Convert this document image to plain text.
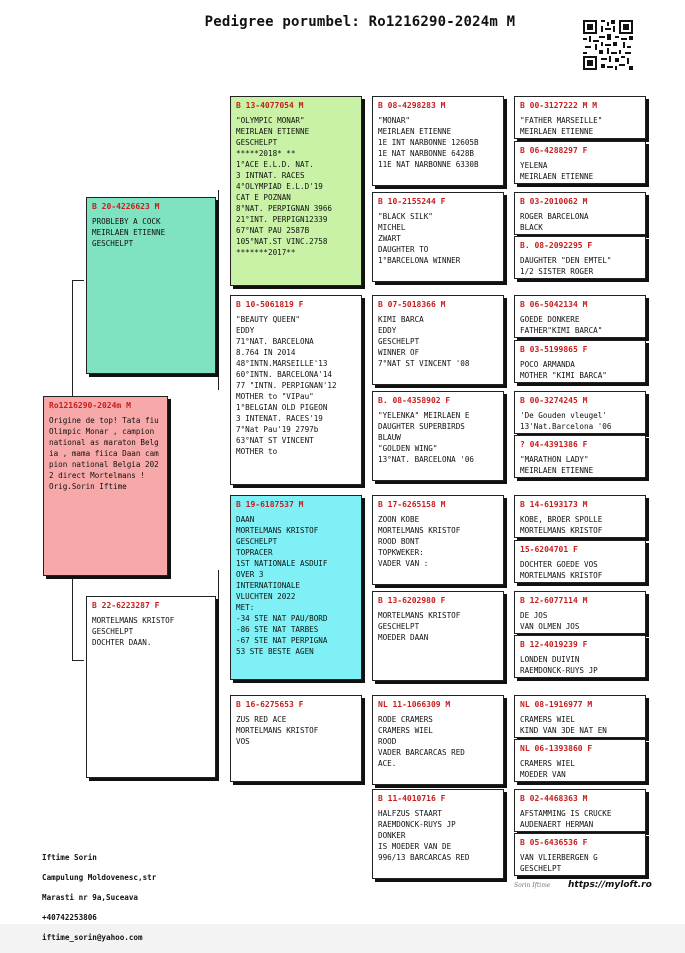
Pedigree porumbel: Ro1216290-2024m M
Ro1216290-2024m M
Origine de top! Tata fiu Olimpic Monar , campion national as maraton Belg ia , mama fiica Daan cam pion national Belgia 202 2 direct Mortelmans ! Orig.Sorin Iftime
B 20-4226623 M
PROBLEBY A COCK
MEIRLAEN ETIENNE
GESCHELPT
B 22-6223287 F
MORTELMANS KRISTOF
GESCHELPT
DOCHTER DAAN.
B 13-4077054 M
"OLYMPIC MONAR"
MEIRLAEN ETIENNE
GESCHELPT
*****2018* **
1°ACE E.L.D. NAT.
3 INTNAT. RACES
4°OLYMPIAD E.L.D'19
CAT E POZNAN
8°NAT. PERPIGNAN 3966
21°INT. PERPIGN12339
67°NAT PAU 2587B
105°NAT.ST VINC.2758
*******2017**
B 10-5061819 F
"BEAUTY QUEEN"
EDDY
71°NAT. BARCELONA
8.764 IN 2014
48°INTN.MARSEILLE'13
60°INTN. BARCELONA'14
77 "INTN. PERPIGNAN'12
MOTHER to "VIPau"
1°BELGIAN OLD PIGEON
3 INTENAT. RACES'19
7°Nat Pau'19 2797b
63°NAT ST VINCENT
MOTHER to
B 19-6187537 M
DAAN
MORTELMANS KRISTOF
GESCHELPT
TOPRACER
1ST NATIONALE ASDUIF
OVER 3
INTERNATIONALE
VLUCHTEN 2022
MET:
-34 STE NAT PAU/BORD
-86 STE NAT TARBES
-67 STE NAT PERPIGNA
53 STE BESTE AGEN
B 16-6275653 F
ZUS RED ACE
MORTELMANS KRISTOF
VOS
B 08-4298283 M
"MONAR"
MEIRLAEN ETIENNE
1E INT NARBONNE 12605B
1E NAT NARBONNE 6428B
11E NAT NARBONNE 6330B
B 10-2155244 F
"BLACK SILK"
MICHEL
ZWART
DAUGHTER TO
1°BARCELONA WINNER
B 07-5018366 M
KIMI BARCA
EDDY
GESCHELPT
WINNER OF
7°NAT ST VINCENT '08
B. 08-4358902 F
"YELENKA" MEIRLAEN E
DAUGHTER SUPERBIRDS
BLAUW
"GOLDEN WING"
13°NAT. BARCELONA '06
B 17-6265158 M
ZOON KOBE
MORTELMANS KRISTOF
ROOD BONT
TOPKWEKER:
VADER VAN :
B 13-6202980 F
MORTELMANS KRISTOF
GESCHELPT
MOEDER DAAN
NL 11-1066309 M
RODE CRAMERS
CRAMERS WIEL
ROOD
VADER BARCARCAS RED
ACE.
B 11-4010716 F
HALFZUS STAART
RAEMDONCK-RUYS JP
DONKER
IS MOEDER VAN DE
996/13 BARCARCAS RED
B 00-3127222 M M
"FATHER MARSEILLE"
MEIRLAEN ETIENNE
B 06-4288297 F
YELENA
MEIRLAEN ETIENNE
B 03-2010062 M
ROGER BARCELONA
BLACK
B. 08-2092295 F
DAUGHTER "DEN EMTEL"
1/2 SISTER ROGER
B 06-5042134 M
GOEDE DONKERE
FATHER"KIMI BARCA"
B 03-5199865 F
POCO ARMANDA
MOTHER "KIMI BARCA"
B 00-3274245 M
'De Gouden vleugel'
13'Nat.Barcelona '06
? 04-4391386 F
"MARATHON LADY"
MEIRLAEN ETIENNE
B 14-6193173 M
KOBE, BROER SPOLLE
MORTELMANS KRISTOF
15-6204701 F
DOCHTER GOEDE VOS
MORTELMANS KRISTOF
B 12-6077114 M
DE JOS
VAN OLMEN JOS
B 12-4019239 F
LONDEN DUIVIN
RAEMDONCK-RUYS JP
NL 08-1916977 M
CRAMERS WIEL
KIND VAN 3DE NAT EN
NL 06-1393860 F
CRAMERS WIEL
MOEDER VAN
B 02-4468363 M
AFSTAMMING IS CRUCKE
AUDENAERT HERMAN
B 05-6436536 F
VAN VLIERBERGEN G
GESCHELPT

Iftime Sorin

Campulung Moldovenesc,str

Marasti nr 9a,Suceava

+40742253806

iftime_sorin@yahoo.com

Sorin Iftime https://myloft.ro
